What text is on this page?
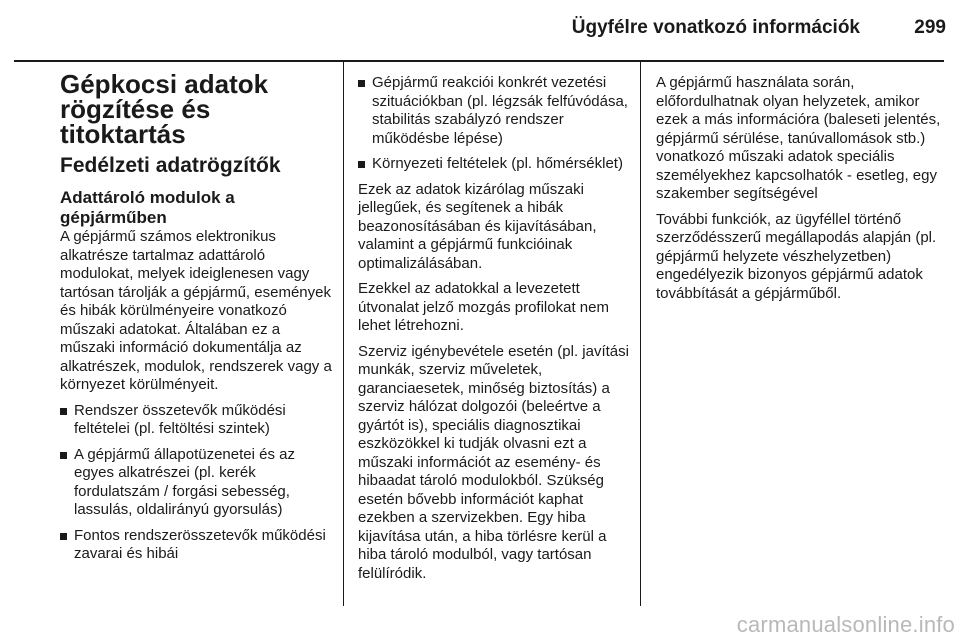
Ügyfélre vonatkozó információk	299
Gépkocsi adatok rögzítése és titoktartás
Fedélzeti adatrögzítők
Adattároló modulok a gépjárműben

A gépjármű számos elektronikus alkatrésze tartalmaz adattároló modulokat, melyek ideiglenesen vagy tartósan tárolják a gépjármű, események és hibák körülményeire vonatkozó műszaki adatokat. Általában ez a műszaki információ dokumentálja az alkatrészek, modulok, rendszerek vagy a környezet körülményeit.

Rendszer összetevők működési feltételei (pl. feltöltési szintek)
A gépjármű állapotüzenetei és az egyes alkatrészei (pl. kerék fordulatszám / forgási sebesség, lassulás, oldalirányú gyorsulás)
Fontos rendszerösszetevők működési zavarai és hibái
Gépjármű reakciói konkrét vezetési szituációkban (pl. légzsák felfúvódása, stabilitás szabályzó rendszer működésbe lépése)
Környezeti feltételek (pl. hőmérséklet)

Ezek az adatok kizárólag műszaki jellegűek, és segítenek a hibák beazonosításában és kijavításában, valamint a gépjármű funkcióinak optimalizálásában.

Ezekkel az adatokkal a levezetett útvonalat jelző mozgás profilokat nem lehet létrehozni.

Szerviz igénybevétele esetén (pl. javítási munkák, szerviz műveletek, garanciaesetek, minőség biztosítás) a szerviz hálózat dolgozói (beleértve a gyártót is), speciális diagnosztikai eszközökkel ki tudják olvasni ezt a műszaki információt az esemény- és hibaadat tároló modulokból. Szükség esetén bővebb információt kaphat ezekben a szervizekben. Egy hiba kijavítása után, a hiba törlésre kerül a hiba tároló modulból, vagy tartósan felülíródik.

A gépjármű használata során, előfordulhatnak olyan helyzetek, amikor ezek a más információra (baleseti jelentés, gépjármű sérülése, tanúvallomások stb.) vonatkozó műszaki adatok speciális személyekhez kapcsolhatók - esetleg, egy szakember segítségével

További funkciók, az ügyféllel történő szerződésszerű megállapodás alapján (pl. gépjármű helyzete vészhelyzetben) engedélyezik bizonyos gépjármű adatok továbbítását a gépjárműből.

carmanualsonline.info
